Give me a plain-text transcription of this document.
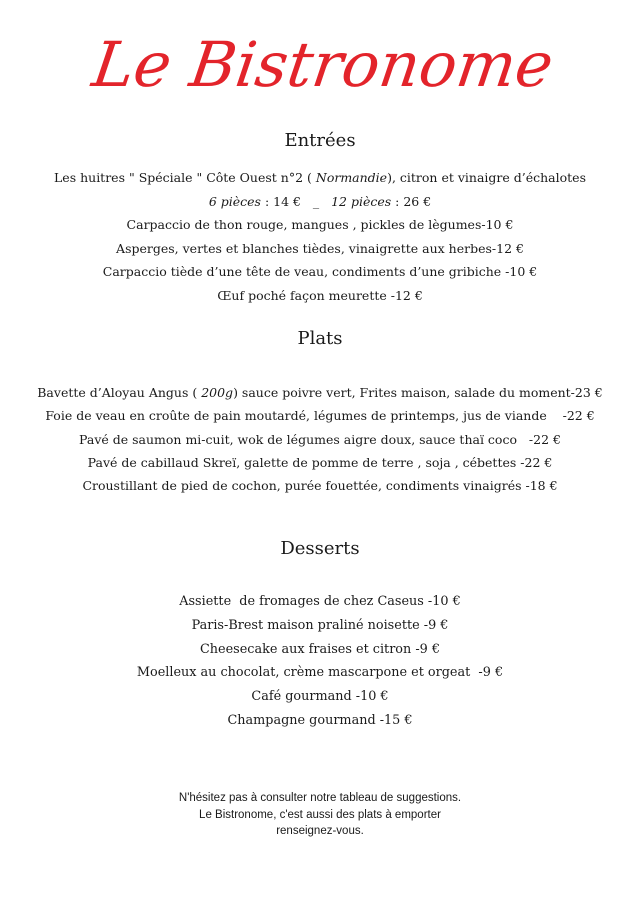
Le Bistronome
Entrées
Les huitres " Spéciale " Côte Ouest n°2 ( Normandie), citron et vinaigre d’échalotes
6 pièces : 14 €   _   12 pièces : 26 €
Carpaccio de thon rouge, mangues , pickles de lègumes-10 €
Asperges, vertes et blanches tièdes, vinaigrette aux herbes-12 €
Carpaccio tiède d’une tête de veau, condiments d’une gribiche -10 €
Œuf poché façon meurette -12 €
Plats
Bavette d’Aloyau Angus ( 200g) sauce poivre vert, Frites maison, salade du moment-23 €
Foie de veau en croûte de pain moutardé, légumes de printemps, jus de viande    -22 €
Pavé de saumon mi-cuit, wok de légumes aigre doux, sauce thaï coco   -22 €
Pavé de cabillaud Skreï, galette de pomme de terre , soja , cébettes -22 €
Croustillant de pied de cochon, purée fouettée, condiments vinaigrés -18 €
Desserts
Assiette  de fromages de chez Caseus -10 €
Paris-Brest maison praliné noisette -9 €
Cheesecake aux fraises et citron -9 €
Moelleux au chocolat, crème mascarpone et orgeat  -9 €
Café gourmand -10 €
Champagne gourmand -15 €
N'hésitez pas à consulter notre tableau de suggestions.
Le Bistronome, c'est aussi des plats à emporter
renseignez-vous.
